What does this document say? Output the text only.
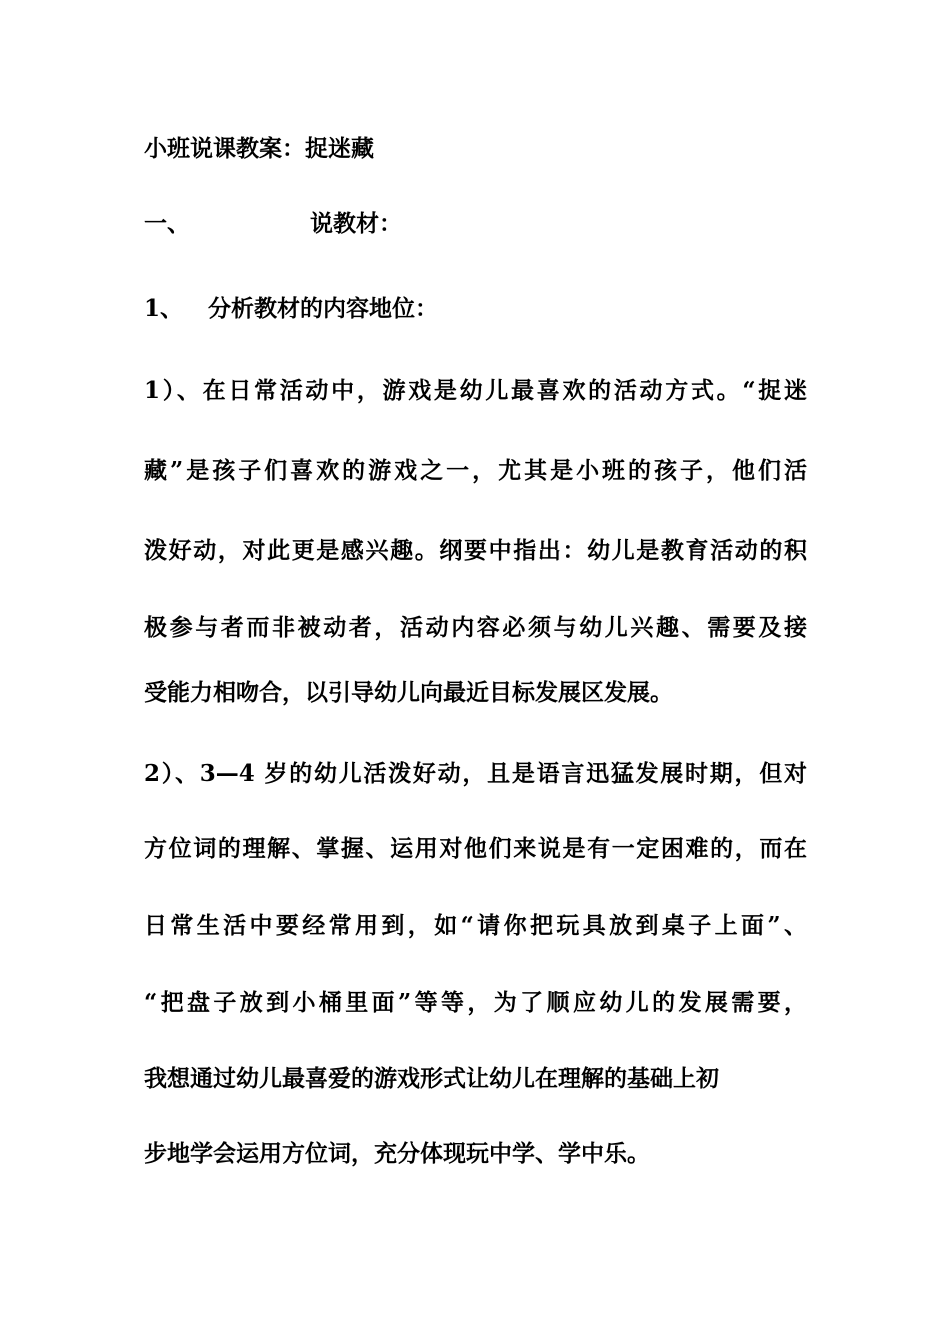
小班说课教案：捉迷藏
一、	说教材：
1、 分析教材的内容地位：
1）、在日常活动中，游戏是幼儿最喜欢的活动方式。“捉迷
藏”是孩子们喜欢的游戏之一，尤其是小班的孩子，他们活
泼好动，对此更是感兴趣。纲要中指出：幼儿是教育活动的积
极参与者而非被动者，活动内容必须与幼儿兴趣、需要及接
受能力相吻合，以引导幼儿向最近目标发展区发展。
2）、3—4 岁的幼儿活泼好动，且是语言迅猛发展时期，但对
方位词的理解、掌握、运用对他们来说是有一定困难的，而在
日常生活中要经常用到，如“请你把玩具放到桌子上面”、
“把盘子放到小桶里面”等等，为了顺应幼儿的发展需要，
我想通过幼儿最喜爱的游戏形式让幼儿在理解的基础上初
步地学会运用方位词，充分体现玩中学、学中乐。
